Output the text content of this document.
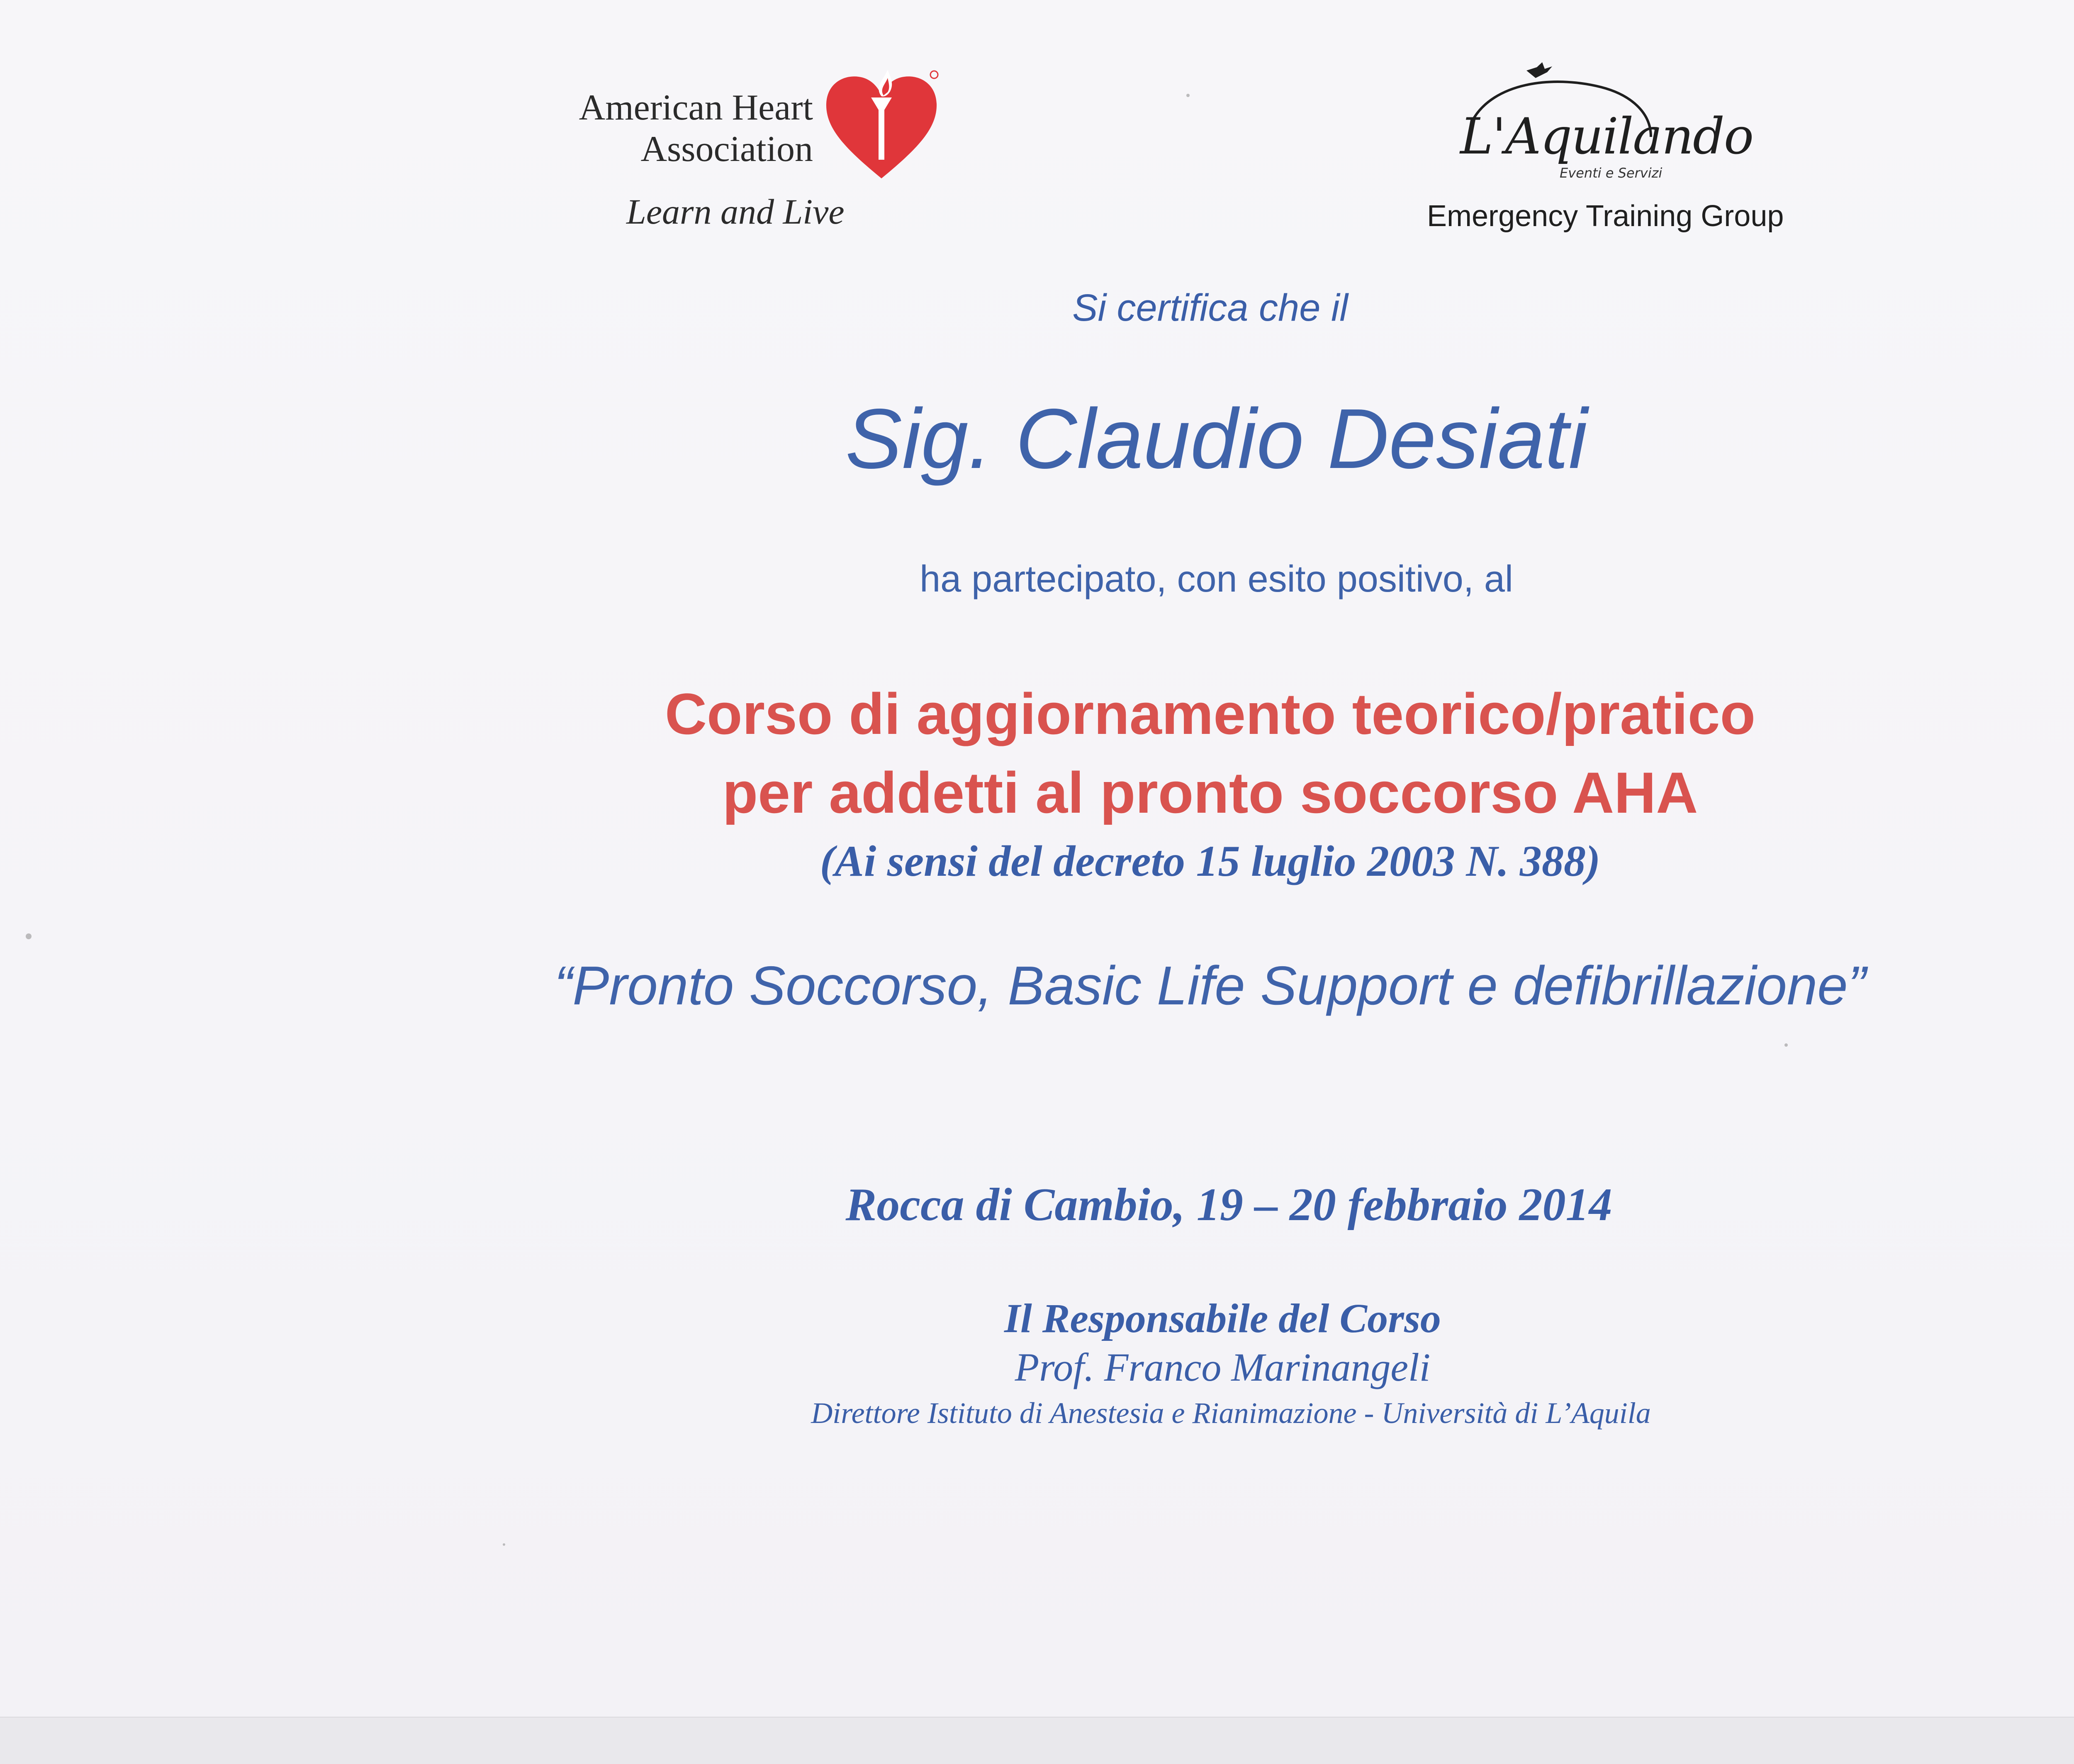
American Heart
Association
Learn and Live
L'Aquilando
Eventi e Servizi
Emergency Training Group
Si certifica che il
Sig. Claudio Desiati
ha partecipato, con esito positivo, al
Corso di aggiornamento teorico/pratico
per addetti al pronto soccorso AHA
(Ai sensi del decreto 15 luglio 2003 N. 388)
“Pronto Soccorso, Basic Life Support e defibrillazione”
Rocca di Cambio, 19 – 20 febbraio 2014
Il Responsabile del Corso
Prof. Franco Marinangeli
Direttore Istituto di Anestesia e Rianimazione - Università di L’Aquila
